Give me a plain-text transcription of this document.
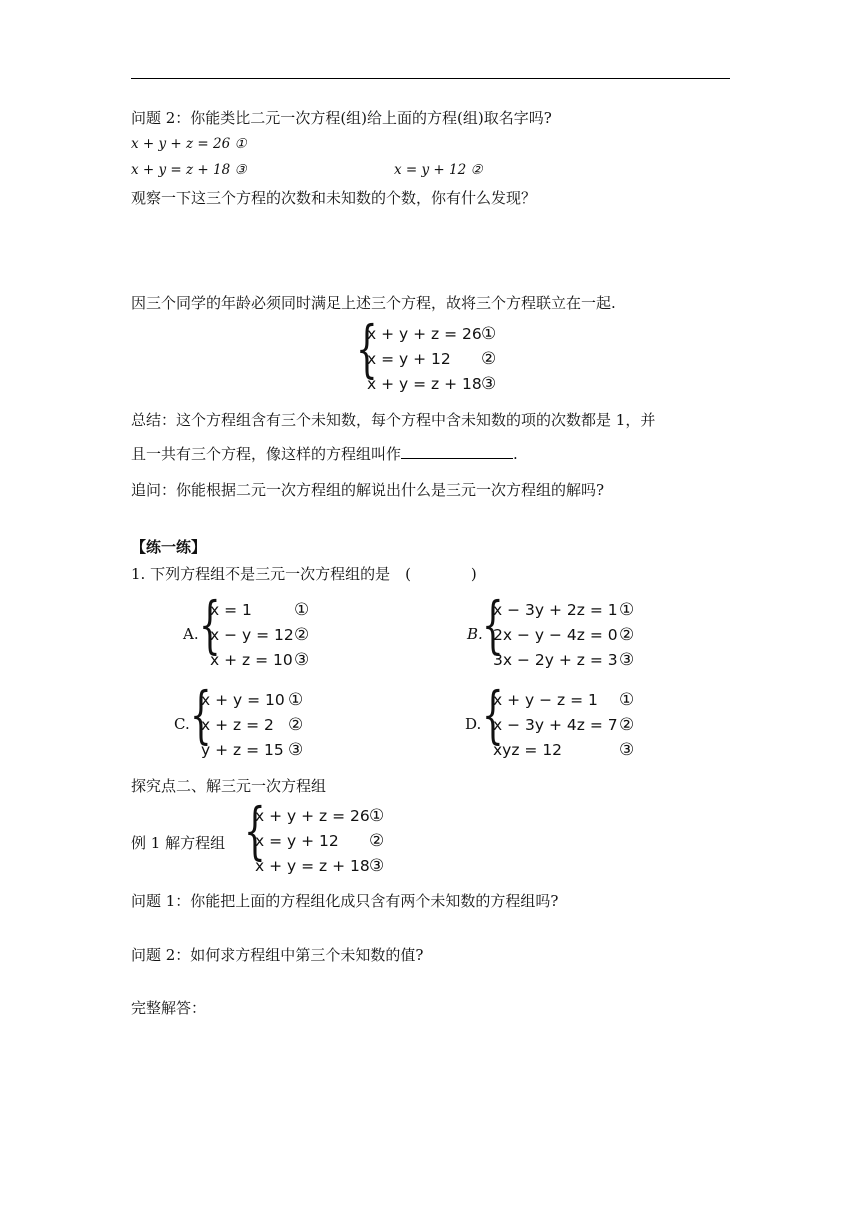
问题 2：你能类比二元一次方程(组)给上面的方程(组)取名字吗?
x + y + z = 26 ①
x + y = z + 18 ③	x = y + 12 ②
观察一下这三个方程的次数和未知数的个数，你有什么发现？
因三个同学的年龄必须同时满足上述三个方程，故将三个方程联立在一起.
{
x + y + z = 26 ①
x = y + 12 ②
x + y = z + 18 ③
总结：这个方程组含有三个未知数，每个方程中含未知数的项的次数都是 1，并
且一共有三个方程，像这样的方程组叫作	.
追问：你能根据二元一次方程组的解说出什么是三元一次方程组的解吗?
【练一练】
1. 下列方程组不是三元一次方程组的是　(　　　　)
A. {
x = 1 ①
x − y = 12 ②
x + z = 10 ③
B. {
x − 3y + 2z = 1 ①
2x − y − 4z = 0 ②
3x − 2y + z = 3 ③
C. {
x + y = 10 ①
x + z = 2 ②
y + z = 15 ③
D. {
x + y − z = 1 ①
x − 3y + 4z = 7 ②
xyz = 12	③
探究点二、解三元一次方程组
例 1 解方程组 {
x + y + z = 26 ①
x = y + 12 ②
x + y = z + 18 ③
问题 1：你能把上面的方程组化成只含有两个未知数的方程组吗?
问题 2：如何求方程组中第三个未知数的值?
完整解答：
